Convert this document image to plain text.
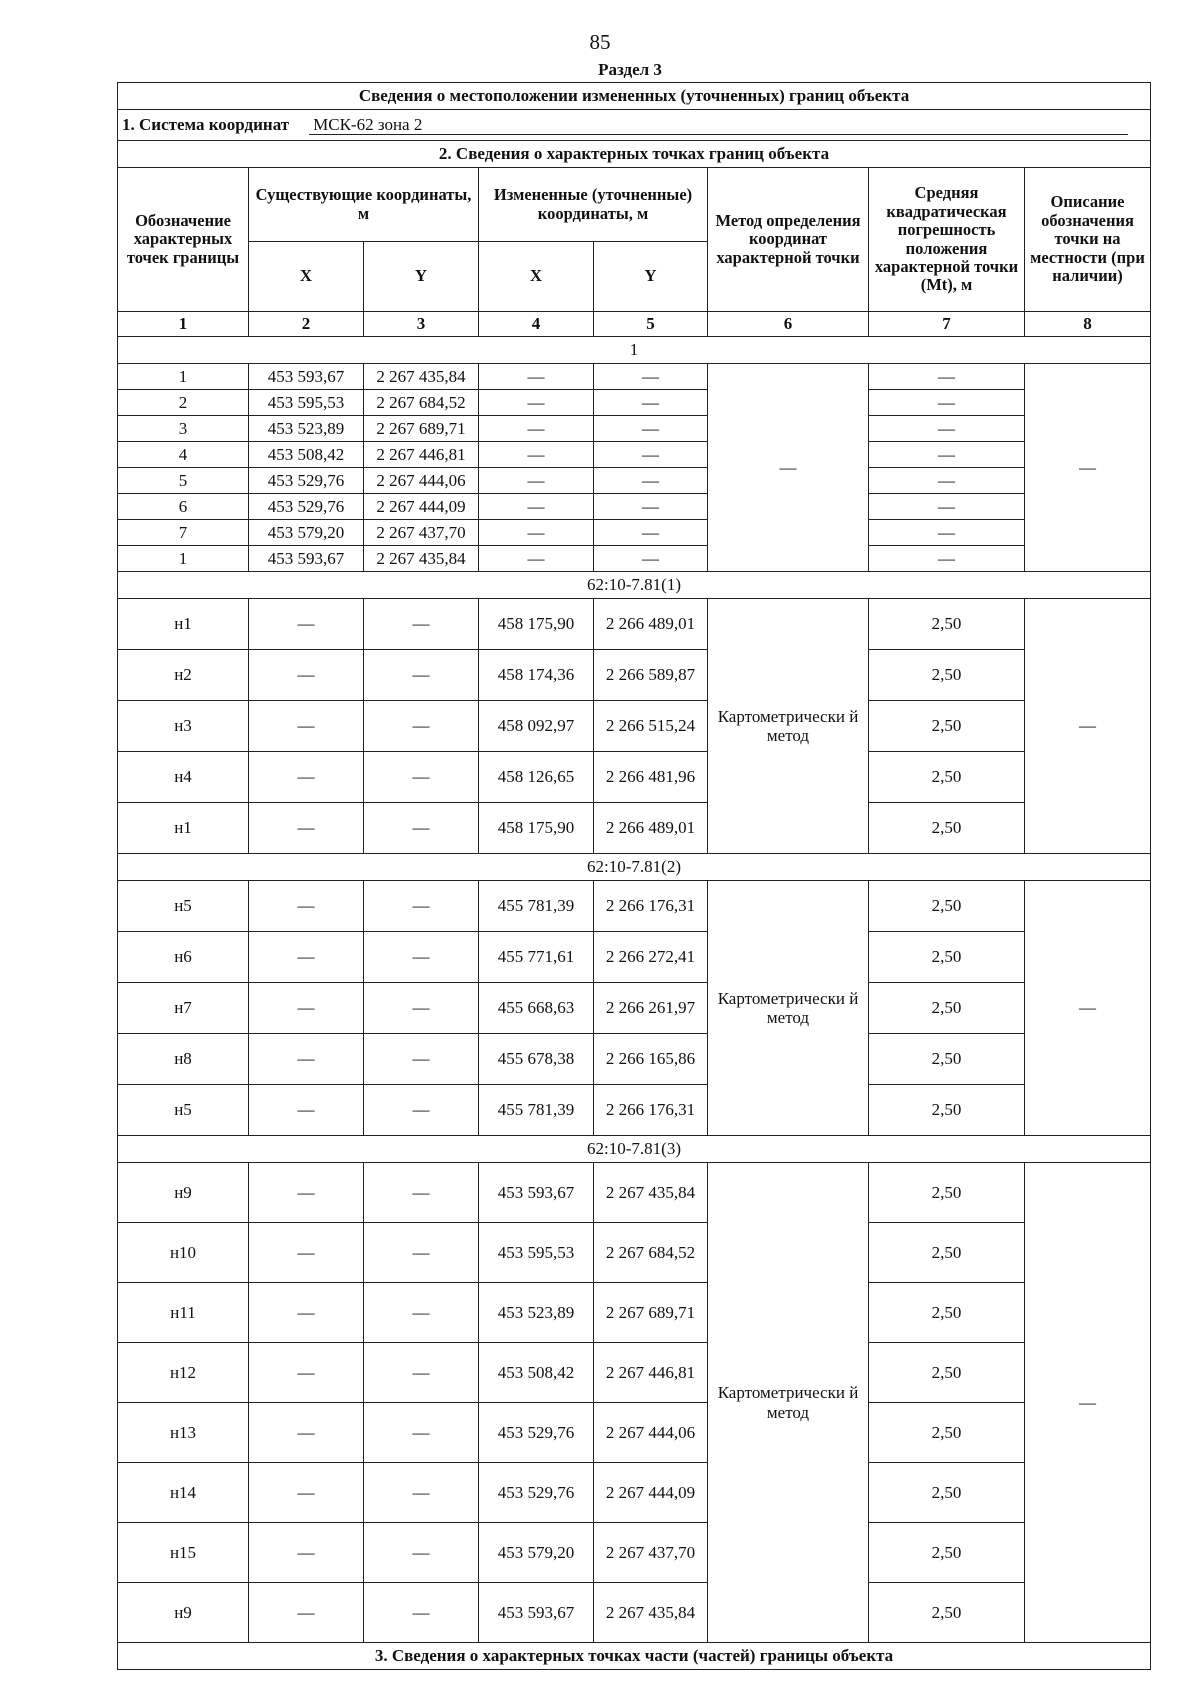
85
Раздел 3
Сведения о местоположении измененных (уточненных) границ объекта							
1. Система координат МСК-62 зона 2							
2. Сведения о характерных точках границ объекта							
Обозначение характерных точек границы	Существующие координаты, м		Измененные (уточненные) координаты, м		Метод определения координат характерной точки	Средняя квадратическая погрешность положения характерной точки (Mt), м	Описание обозначения точки на местности (при наличии)
	X	Y	X	Y			
1	2	3	4	5	6	7	8
1							
1	453 593,67	2 267 435,84	—	—	—	—	—
2	453 595,53	2 267 684,52	—	—		—	
3	453 523,89	2 267 689,71	—	—		—	
4	453 508,42	2 267 446,81	—	—		—	
5	453 529,76	2 267 444,06	—	—		—	
6	453 529,76	2 267 444,09	—	—		—	
7	453 579,20	2 267 437,70	—	—		—	
1	453 593,67	2 267 435,84	—	—		—	
62:10-7.81(1)							
н1	—	—	458 175,90	2 266 489,01	Картометрически й метод	2,50	—
н2	—	—	458 174,36	2 266 589,87		2,50	
н3	—	—	458 092,97	2 266 515,24		2,50	
н4	—	—	458 126,65	2 266 481,96		2,50	
н1	—	—	458 175,90	2 266 489,01		2,50	
62:10-7.81(2)							
н5	—	—	455 781,39	2 266 176,31	Картометрически й метод	2,50	—
н6	—	—	455 771,61	2 266 272,41		2,50	
н7	—	—	455 668,63	2 266 261,97		2,50	
н8	—	—	455 678,38	2 266 165,86		2,50	
н5	—	—	455 781,39	2 266 176,31		2,50	
62:10-7.81(3)							
н9	—	—	453 593,67	2 267 435,84	Картометрически й метод	2,50	—
н10	—	—	453 595,53	2 267 684,52		2,50	
н11	—	—	453 523,89	2 267 689,71		2,50	
н12	—	—	453 508,42	2 267 446,81		2,50	
н13	—	—	453 529,76	2 267 444,06		2,50	
н14	—	—	453 529,76	2 267 444,09		2,50	
н15	—	—	453 579,20	2 267 437,70		2,50	
н9	—	—	453 593,67	2 267 435,84		2,50	
3. Сведения о характерных точках части (частей) границы объекта							
